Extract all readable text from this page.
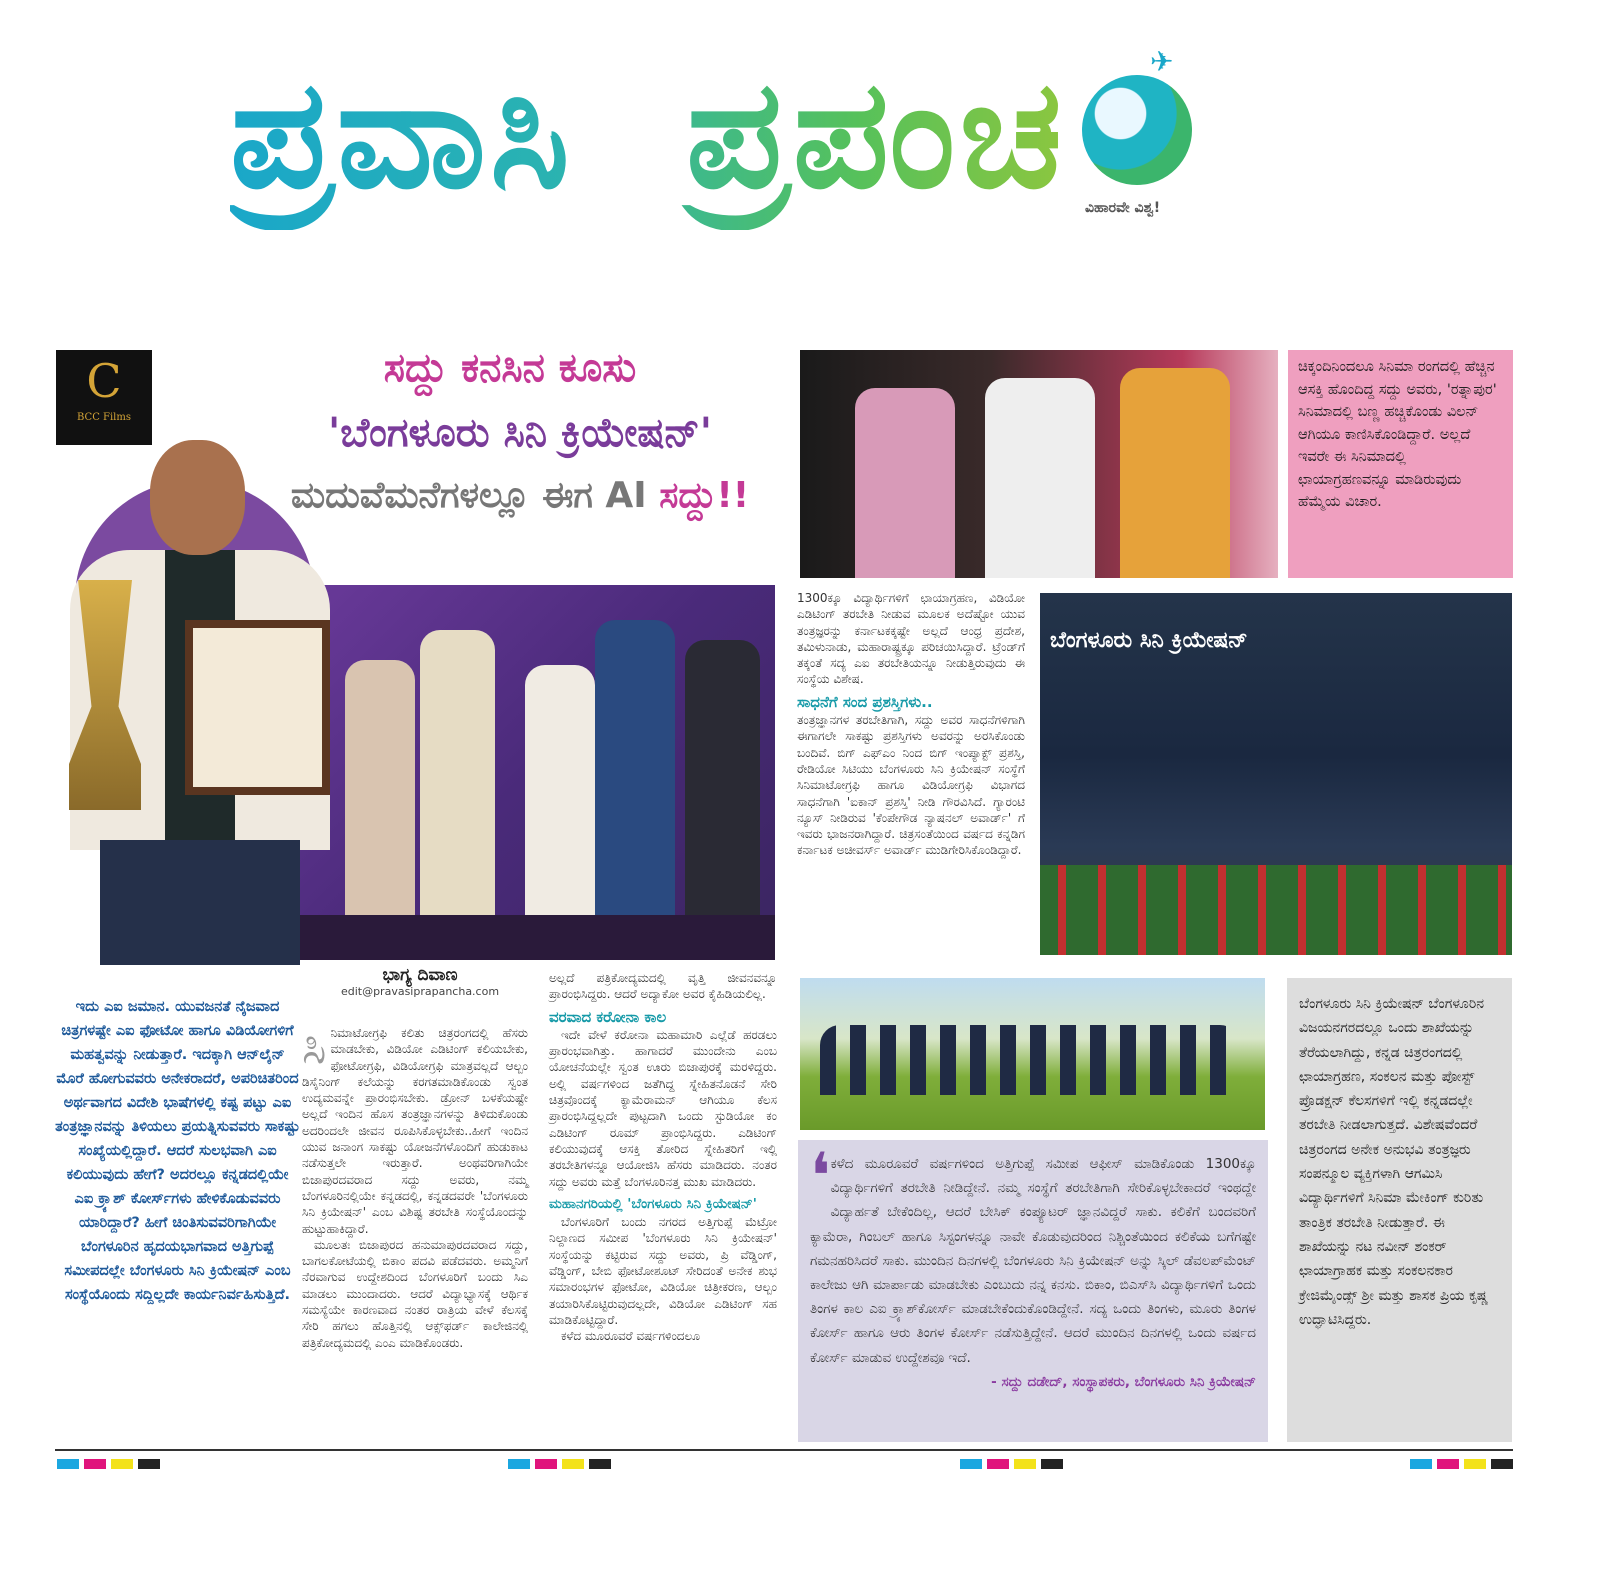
ಪ್ರವಾಸಿ ಪ್ರಪಂಚ	✈
ವಿಹಾರವೇ ವಿಶ್ವ!
C
BCC Films
ಸದ್ದು ಕನಸಿನ ಕೂಸು
'ಬೆಂಗಳೂರು ಸಿನಿ ಕ್ರಿಯೇಷನ್'
ಮದುವೆಮನೆಗಳಲ್ಲೂ ಈಗ AI ಸದ್ದು!!
ಚಿಕ್ಕಂದಿನಿಂದಲೂ ಸಿನಿಮಾ ರಂಗದಲ್ಲಿ ಹೆಚ್ಚಿನ ಆಸಕ್ತಿ ಹೊಂದಿದ್ದ ಸದ್ದು ಅವರು, 'ರತ್ನಾಪುರ' ಸಿನಿಮಾದಲ್ಲಿ ಬಣ್ಣ ಹಚ್ಚಿಕೊಂಡು ವಿಲನ್ ಆಗಿಯೂ ಕಾಣಿಸಿಕೊಂಡಿದ್ದಾರೆ. ಅಲ್ಲದೆ ಇವರೇ ಈ ಸಿನಿಮಾದಲ್ಲಿ ಛಾಯಾಗ್ರಹಣವನ್ನೂ ಮಾಡಿರುವುದು ಹೆಮ್ಮೆಯ ವಿಚಾರ.

1300ಕ್ಕೂ ವಿದ್ಯಾರ್ಥಿಗಳಿಗೆ ಛಾಯಾಗ್ರಹಣ, ವಿಡಿಯೋ ಎಡಿಟಿಂಗ್ ತರಬೇತಿ ನೀಡುವ ಮೂಲಕ ಅದೆಷ್ಟೋ ಯುವ ತಂತ್ರಜ್ಞರನ್ನು ಕರ್ನಾಟಕಕ್ಕಷ್ಟೇ ಅಲ್ಲದೆ ಆಂಧ್ರ ಪ್ರದೇಶ, ತಮಿಳುನಾಡು, ಮಹಾರಾಷ್ಟ್ರಕ್ಕೂ ಪರಿಚಯಿಸಿದ್ದಾರೆ. ಟ್ರೆಂಡ್‌ಗೆ ತಕ್ಕಂತೆ ಸದ್ಯ ಎಐ ತರಬೇತಿಯನ್ನೂ ನೀಡುತ್ತಿರುವುದು ಈ ಸಂಸ್ಥೆಯ ವಿಶೇಷ.

ಸಾಧನೆಗೆ ಸಂದ ಪ್ರಶಸ್ತಿಗಳು..

ತಂತ್ರಜ್ಞಾನಗಳ ತರಬೇತಿಗಾಗಿ, ಸದ್ದು ಅವರ ಸಾಧನೆಗಳಿಗಾಗಿ ಈಗಾಗಲೇ ಸಾಕಷ್ಟು ಪ್ರಶಸ್ತಿಗಳು ಅವರನ್ನು ಅರಸಿಕೊಂಡು ಬಂದಿವೆ. ಬಿಗ್ ಎಫ್‌ಎಂ ನಿಂದ ಬಿಗ್ ಇಂಪ್ಯಾಕ್ಟ್ ಪ್ರಶಸ್ತಿ, ರೇಡಿಯೋ ಸಿಟಿಯು ಬೆಂಗಳೂರು ಸಿನಿ ಕ್ರಿಯೇಷನ್ ಸಂಸ್ಥೆಗೆ ಸಿನಿಮಾಟೋಗ್ರಫಿ ಹಾಗೂ ವಿಡಿಯೋಗ್ರಫಿ ವಿಭಾಗದ ಸಾಧನೆಗಾಗಿ 'ಐಕಾನ್ ಪ್ರಶಸ್ತಿ' ನೀಡಿ ಗೌರವಿಸಿದೆ. ಗ್ಯಾರಂಟಿ ನ್ಯೂಸ್ ನೀಡಿರುವ 'ಕೆಂಪೇಗೌಡ ನ್ಯಾಷನಲ್ ಅವಾರ್ಡ್' ಗೆ ಇವರು ಭಾಜನರಾಗಿದ್ದಾರೆ. ಚಿತ್ರಸಂತೆಯಿಂದ ವರ್ಷದ ಕನ್ನಡಿಗ ಕರ್ನಾಟಕ ಅಚೀವರ್ಸ್ ಅವಾರ್ಡ್ ಮುಡಿಗೇರಿಸಿಕೊಂಡಿದ್ದಾರೆ.

ಬೆಂಗಳೂರು ಸಿನಿ ಕ್ರಿಯೇಷನ್
ಇದು ಎಐ ಜಮಾನ. ಯುವಜನತೆ ನೈಜವಾದ ಚಿತ್ರಗಳಷ್ಟೇ ಎಐ ಫೋಟೋ ಹಾಗೂ ವಿಡಿಯೋಗಳಿಗೆ ಮಹತ್ವವನ್ನು ನೀಡುತ್ತಾರೆ. ಇದಕ್ಕಾಗಿ ಆನ್‌ಲೈನ್ ಮೊರೆ ಹೋಗುವವರು ಅನೇಕರಾದರೆ, ಅಪರಿಚಿತರಿಂದ ಅರ್ಥವಾಗದ ವಿದೇಶಿ ಭಾಷೆಗಳಲ್ಲಿ ಕಷ್ಟ ಪಟ್ಟು ಎಐ ತಂತ್ರಜ್ಞಾನವನ್ನು ತಿಳಿಯಲು ಪ್ರಯತ್ನಿಸುವವರು ಸಾಕಷ್ಟು ಸಂಖ್ಯೆಯಲ್ಲಿದ್ದಾರೆ. ಆದರೆ ಸುಲಭವಾಗಿ ಎಐ ಕಲಿಯುವುದು ಹೇಗೆ? ಅದರಲ್ಲೂ ಕನ್ನಡದಲ್ಲಿಯೇ ಎಐ ಕ್ರ್ಯಾಶ್ ಕೋರ್ಸ್‌ಗಳು ಹೇಳಿಕೊಡುವವರು ಯಾರಿದ್ದಾರೆ? ಹೀಗೆ ಚಿಂತಿಸುವವರಿಗಾಗಿಯೇ ಬೆಂಗಳೂರಿನ ಹೃದಯಭಾಗವಾದ ಅತ್ತಿಗುಪ್ಪೆ ಸಮೀಪದಲ್ಲೇ ಬೆಂಗಳೂರು ಸಿನಿ ಕ್ರಿಯೇಷನ್ ಎಂಬ ಸಂಸ್ಥೆಯೊಂದು ಸದ್ದಿಲ್ಲದೇ ಕಾರ್ಯನಿರ್ವಹಿಸುತ್ತಿದೆ.
ಭಾಗ್ಯ ದಿವಾಣ
edit@pravasiprapancha.com

ಸಿನಿಮಾಟೋಗ್ರಫಿ ಕಲಿತು ಚಿತ್ರರಂಗದಲ್ಲಿ ಹೆಸರು ಮಾಡಬೇಕು, ವಿಡಿಯೋ ಎಡಿಟಿಂಗ್ ಕಲಿಯಬೇಕು, ಫೋಟೋಗ್ರಫಿ, ವಿಡಿಯೋಗ್ರಫಿ ಮಾತ್ರವಲ್ಲದೆ ಆಲ್ಬಂ ಡಿಸೈನಿಂಗ್ ಕಲೆಯನ್ನು ಕರಗತಮಾಡಿಕೊಂಡು ಸ್ವಂತ ಉದ್ಯಮವನ್ನೇ ಪ್ರಾರಂಭಿಸಬೇಕು. ಡ್ರೋನ್ ಬಳಕೆಯಷ್ಟೇ ಅಲ್ಲದೆ ಇಂದಿನ ಹೊಸ ತಂತ್ರಜ್ಞಾನಗಳನ್ನು ತಿಳಿದುಕೊಂಡು ಅದರಿಂದಲೇ ಜೀವನ ರೂಪಿಸಿಕೊಳ್ಳಬೇಕು..ಹೀಗೆ ಇಂದಿನ ಯುವ ಜನಾಂಗ ಸಾಕಷ್ಟು ಯೋಜನೆಗಳೊಂದಿಗೆ ಹುಡುಕಾಟ ನಡೆಸುತ್ತಲೇ ಇರುತ್ತಾರೆ. ಅಂಥವರಿಗಾಗಿಯೇ ಬಿಜಾಪುರದವರಾದ ಸದ್ದು ಅವರು, ನಮ್ಮ ಬೆಂಗಳೂರಿನಲ್ಲಿಯೇ ಕನ್ನಡದಲ್ಲಿ, ಕನ್ನಡದವರೇ 'ಬೆಂಗಳೂರು ಸಿನಿ ಕ್ರಿಯೇಷನ್' ಎಂಬ ವಿಶಿಷ್ಟ ತರಬೇತಿ ಸಂಸ್ಥೆಯೊಂದನ್ನು ಹುಟ್ಟುಹಾಕಿದ್ದಾರೆ.

ಮೂಲತಃ ಬಿಜಾಪುರದ ಹನುಮಾಪುರದವರಾದ ಸದ್ದು, ಬಾಗಲಕೋಟೆಯಲ್ಲಿ ಬಿಕಾಂ ಪದವಿ ಪಡೆದವರು. ಅಮ್ಮನಿಗೆ ನೆರವಾಗುವ ಉದ್ದೇಶದಿಂದ ಬೆಂಗಳೂರಿಗೆ ಬಂದು ಸಿಎ ಮಾಡಲು ಮುಂದಾದರು. ಆದರೆ ವಿದ್ಯಾಭ್ಯಾಸಕ್ಕೆ ಆರ್ಥಿಕ ಸಮಸ್ಯೆಯೇ ಕಾರಣವಾದ ನಂತರ ರಾತ್ರಿಯ ವೇಳೆ ಕೆಲಸಕ್ಕೆ ಸೇರಿ ಹಗಲು ಹೊತ್ತಿನಲ್ಲಿ ಆಕ್ಸ್‌ಫರ್ಡ್ ಕಾಲೇಜಿನಲ್ಲಿ ಪತ್ರಿಕೋದ್ಯಮದಲ್ಲಿ ಎಂಎ ಮಾಡಿಕೊಂಡರು.

ಅಲ್ಲದೆ ಪತ್ರಿಕೋದ್ಯಮದಲ್ಲಿ ವೃತ್ತಿ ಜೀವನವನ್ನೂ ಪ್ರಾರಂಭಿಸಿದ್ದರು. ಆದರೆ ಅದ್ಯಾಕೋ ಅವರ ಕೈಹಿಡಿಯಲಿಲ್ಲ.

ವರವಾದ ಕರೋನಾ ಕಾಲ

ಇದೇ ವೇಳೆ ಕರೋನಾ ಮಹಾಮಾರಿ ಎಲ್ಲೆಡೆ ಹರಡಲು ಪ್ರಾರಂಭವಾಗಿತ್ತು. ಹಾಗಾದರೆ ಮುಂದೇನು ಎಂಬ ಯೋಚನೆಯಲ್ಲೇ ಸ್ವಂತ ಊರು ಬಿಜಾಪುರಕ್ಕೆ ಮರಳಿದ್ದರು. ಅಲ್ಲಿ ವರ್ಷಗಳಿಂದ ಜತೆಗಿದ್ದ ಸ್ನೇಹಿತನೊಡನೆ ಸೇರಿ ಚಿತ್ರವೊಂದಕ್ಕೆ ಕ್ಯಾಮೆರಾಮನ್ ಆಗಿಯೂ ಕೆಲಸ ಪ್ರಾರಂಭಿಸಿದ್ದಲ್ಲದೇ ಪುಟ್ಟದಾಗಿ ಒಂದು ಸ್ಟುಡಿಯೋ ಕಂ ಎಡಿಟಿಂಗ್ ರೂಮ್ ಪ್ರಾಂಭಿಸಿದ್ದರು. ಎಡಿಟಿಂಗ್ ಕಲಿಯುವುದಕ್ಕೆ ಆಸಕ್ತಿ ತೋರಿದ ಸ್ನೇಹಿತರಿಗೆ ಇಲ್ಲಿ ತರಬೇತಿಗಳನ್ನೂ ಆಯೋಜಿಸಿ ಹೆಸರು ಮಾಡಿದರು. ನಂತರ ಸದ್ದು ಅವರು ಮತ್ತೆ ಬೆಂಗಳೂರಿನತ್ತ ಮುಖ ಮಾಡಿದರು.

ಮಹಾನಗರಿಯಲ್ಲಿ 'ಬೆಂಗಳೂರು ಸಿನಿ ಕ್ರಿಯೇಷನ್'

ಬೆಂಗಳೂರಿಗೆ ಬಂದು ನಗರದ ಅತ್ತಿಗುಪ್ಪೆ ಮೆಟ್ರೋ ನಿಲ್ದಾಣದ ಸಮೀಪ 'ಬೆಂಗಳೂರು ಸಿನಿ ಕ್ರಿಯೇಷನ್' ಸಂಸ್ಥೆಯನ್ನು ಕಟ್ಟಿರುವ ಸದ್ದು ಅವರು, ಪ್ರಿ ವೆಡ್ಡಿಂಗ್, ವೆಡ್ಡಿಂಗ್, ಬೇಬಿ ಫೋಟೋಶೂಟ್ ಸೇರಿದಂತೆ ಅನೇಕ ಶುಭ ಸಮಾರಂಭಗಳ ಫೋಟೋ, ವಿಡಿಯೋ ಚಿತ್ರೀಕರಣ, ಆಲ್ಬಂ ತಯಾರಿಸಿಕೊಟ್ಟಿರುವುದಲ್ಲದೇ, ವಿಡಿಯೋ ಎಡಿಟಿಂಗ್ ಸಹ ಮಾಡಿಕೊಟ್ಟಿದ್ದಾರೆ.

ಕಳೆದ ಮೂರೂವರೆ ವರ್ಷಗಳಿಂದಲೂ

❛ ಕಳೆದ ಮೂರೂವರೆ ವರ್ಷಗಳಿಂದ ಅತ್ತಿಗುಪ್ಪೆ ಸಮೀಪ ಆಫೀಸ್ ಮಾಡಿಕೊಂಡು 1300ಕ್ಕೂ ವಿದ್ಯಾರ್ಥಿಗಳಿಗೆ ತರಬೇತಿ ನೀಡಿದ್ದೇನೆ. ನಮ್ಮ ಸಂಸ್ಥೆಗೆ ತರಬೇತಿಗಾಗಿ ಸೇರಿಕೊಳ್ಳಬೇಕಾದರೆ ಇಂಥದ್ದೇ ವಿದ್ಯಾರ್ಹತೆ ಬೇಕೆಂದಿಲ್ಲ, ಆದರೆ ಬೇಸಿಕ್ ಕಂಪ್ಯೂಟರ್ ಜ್ಞಾನವಿದ್ದರೆ ಸಾಕು. ಕಲಿಕೆಗೆ ಬಂದವರಿಗೆ ಕ್ಯಾಮೆರಾ, ಗಿಂಬಲ್ ಹಾಗೂ ಸಿಸ್ಟಂಗಳನ್ನೂ ನಾವೇ ಕೊಡುವುದರಿಂದ ನಿಶ್ಚಿಂತೆಯಿಂದ ಕಲಿಕೆಯ ಬಗೆಗಷ್ಟೇ ಗಮನಹರಿಸಿದರೆ ಸಾಕು. ಮುಂದಿನ ದಿನಗಳಲ್ಲಿ ಬೆಂಗಳೂರು ಸಿನಿ ಕ್ರಿಯೇಷನ್ ಅನ್ನು ಸ್ಕಿಲ್ ಡೆವಲಪ್‌ಮೆಂಟ್ ಕಾಲೇಜು ಆಗಿ ಮಾರ್ಪಾಡು ಮಾಡಬೇಕು ಎಂಬುದು ನನ್ನ ಕನಸು. ಬಿಕಾಂ, ಬಿಎಸ್‌ಸಿ ವಿದ್ಯಾರ್ಥಿಗಳಿಗೆ ಒಂದು ತಿಂಗಳ ಕಾಲ ಎಐ ಕ್ರ್ಯಾಶ್‌ಕೋರ್ಸ್ ಮಾಡಬೇಕೆಂದುಕೊಂಡಿದ್ದೇನೆ. ಸದ್ಯ ಒಂದು ತಿಂಗಳು, ಮೂರು ತಿಂಗಳ ಕೋರ್ಸ್ ಹಾಗೂ ಆರು ತಿಂಗಳ ಕೋರ್ಸ್ ನಡೆಸುತ್ತಿದ್ದೇನೆ. ಆದರೆ ಮುಂದಿನ ದಿನಗಳಲ್ಲಿ ಒಂದು ವರ್ಷದ ಕೋರ್ಸ್ ಮಾಡುವ ಉದ್ದೇಶವೂ ಇದೆ.
- ಸದ್ದು ದಡೇದ್, ಸಂಸ್ಥಾಪಕರು, ಬೆಂಗಳೂರು ಸಿನಿ ಕ್ರಿಯೇಷನ್
ಬೆಂಗಳೂರು ಸಿನಿ ಕ್ರಿಯೇಷನ್ ಬೆಂಗಳೂರಿನ ವಿಜಯನಗರದಲ್ಲೂ ಒಂದು ಶಾಖೆಯನ್ನು ತೆರೆಯಲಾಗಿದ್ದು, ಕನ್ನಡ ಚಿತ್ರರಂಗದಲ್ಲಿ ಛಾಯಾಗ್ರಹಣ, ಸಂಕಲನ ಮತ್ತು ಪೋಸ್ಟ್ ಪ್ರೊಡಕ್ಷನ್ ಕೆಲಸಗಳಿಗೆ ಇಲ್ಲಿ ಕನ್ನಡದಲ್ಲೇ ತರಬೇತಿ ನೀಡಲಾಗುತ್ತದೆ. ವಿಶೇಷವೆಂದರೆ ಚಿತ್ರರಂಗದ ಅನೇಕ ಅನುಭವಿ ತಂತ್ರಜ್ಞರು ಸಂಪನ್ಮೂಲ ವ್ಯಕ್ತಿಗಳಾಗಿ ಆಗಮಿಸಿ ವಿದ್ಯಾರ್ಥಿಗಳಿಗೆ ಸಿನಿಮಾ ಮೇಕಿಂಗ್ ಕುರಿತು ತಾಂತ್ರಿಕ ತರಬೇತಿ ನೀಡುತ್ತಾರೆ. ಈ ಶಾಖೆಯನ್ನು ನಟ ನವೀನ್ ಶಂಕರ್ ಛಾಯಾಗ್ರಾಹಕ ಮತ್ತು ಸಂಕಲನಕಾರ ಕ್ರೇಜಿಮೈಂಡ್ಸ್ ಶ್ರೀ ಮತ್ತು ಶಾಸಕ ಪ್ರಿಯ ಕೃಷ್ಣ ಉದ್ಘಾಟಿಸಿದ್ದರು.
